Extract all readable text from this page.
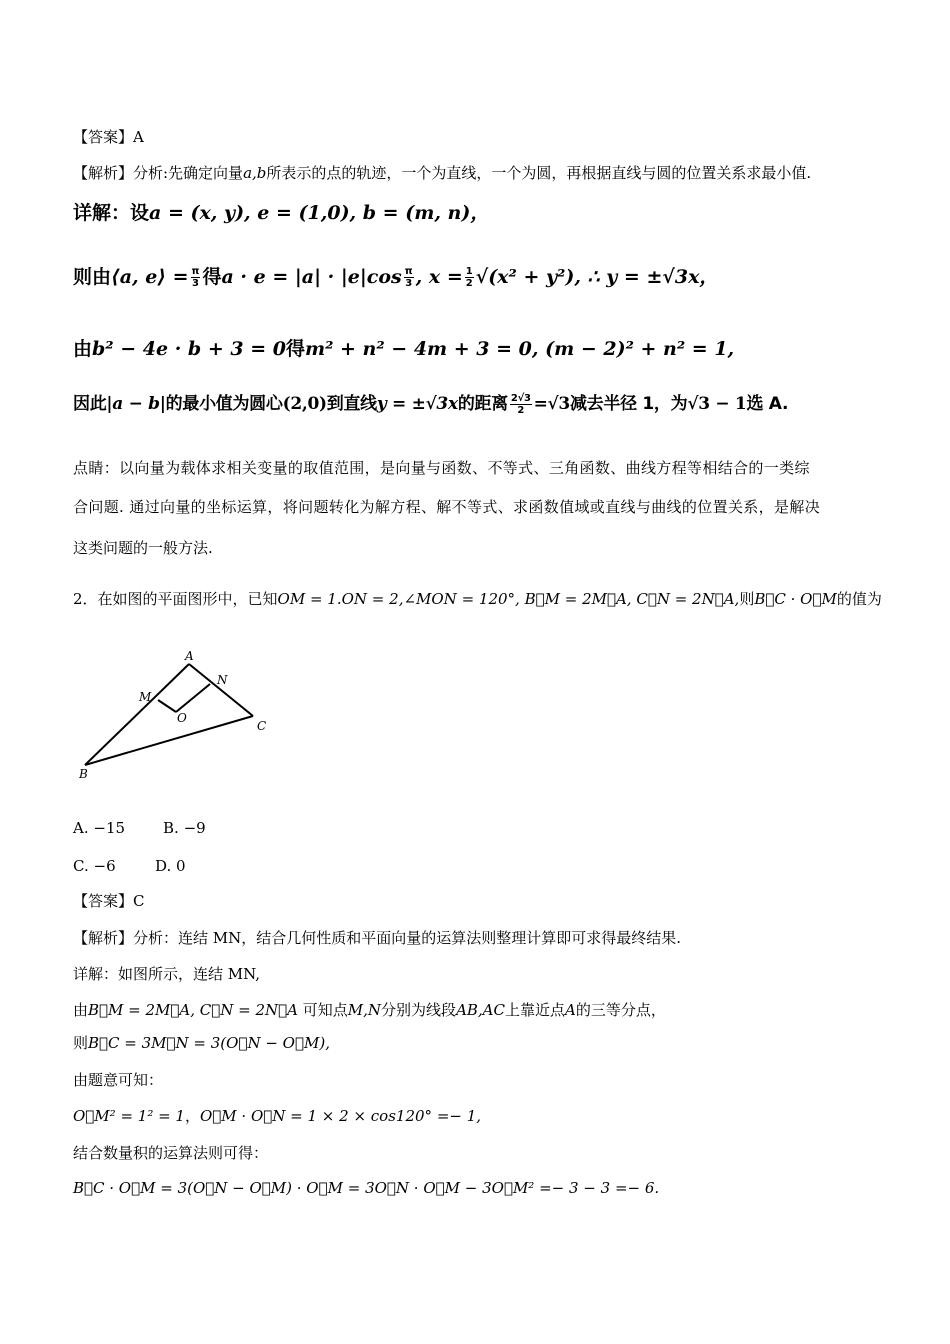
【答案】A
【解析】分析:先确定向量a,b所表示的点的轨迹，一个为直线，一个为圆，再根据直线与圆的位置关系求最小值.
详解：设a = (x, y), e = (1,0), b = (m, n)，
则由⟨a, e⟩ = $\frac{\pi}{3}$ 得$a \cdot e = |a| \cdot |e|\cos \frac{\pi}{3}$ , $x = \frac{1}{2} √(x^2 + y^2)$, ∴ y = ±√3x，
由b² − 4e · b + 3 = 0得m² + n² − 4m + 3 = 0, (m − 2)² + n² = 1,
因此|a − b|的最小值为圆心(2,0)到直线y = ±√3x的距离 $\frac{2√3}{2} =√3$减去半径 1，为√3 − 1选 A.
点睛：以向量为载体求相关变量的取值范围，是向量与函数、不等式、三角函数、曲线方程等相结合的一类综
合问题. 通过向量的坐标运算，将问题转化为解方程、解不等式、求函数值域或直线与曲线的位置关系，是解决
这类问题的一般方法.
2．在如图的平面图形中，已知OM = 1.ON = 2,∠MON = 120°, B⃗M = 2M⃗A, C⃗N = 2N⃗A,则B⃗C · O⃗M的值为
A
N
M
O
C
B
A. −15	B. −9
C. −6	D. 0
【答案】C
【解析】分析：连结 MN，结合几何性质和平面向量的运算法则整理计算即可求得最终结果.
详解：如图所示，连结 MN,
由B⃗M = 2M⃗A, C⃗N = 2N⃗A 可知点M,N分别为线段AB,AC上靠近点A的三等分点，
则B⃗C = 3M⃗N = 3(O⃗N − O⃗M),
由题意可知：
O⃗M² = 1² = 1，O⃗M · O⃗N = 1 × 2 × cos120° =− 1,
结合数量积的运算法则可得：
B⃗C · O⃗M = 3(O⃗N − O⃗M) · O⃗M = 3O⃗N · O⃗M − 3O⃗M² =− 3 − 3 =− 6.
